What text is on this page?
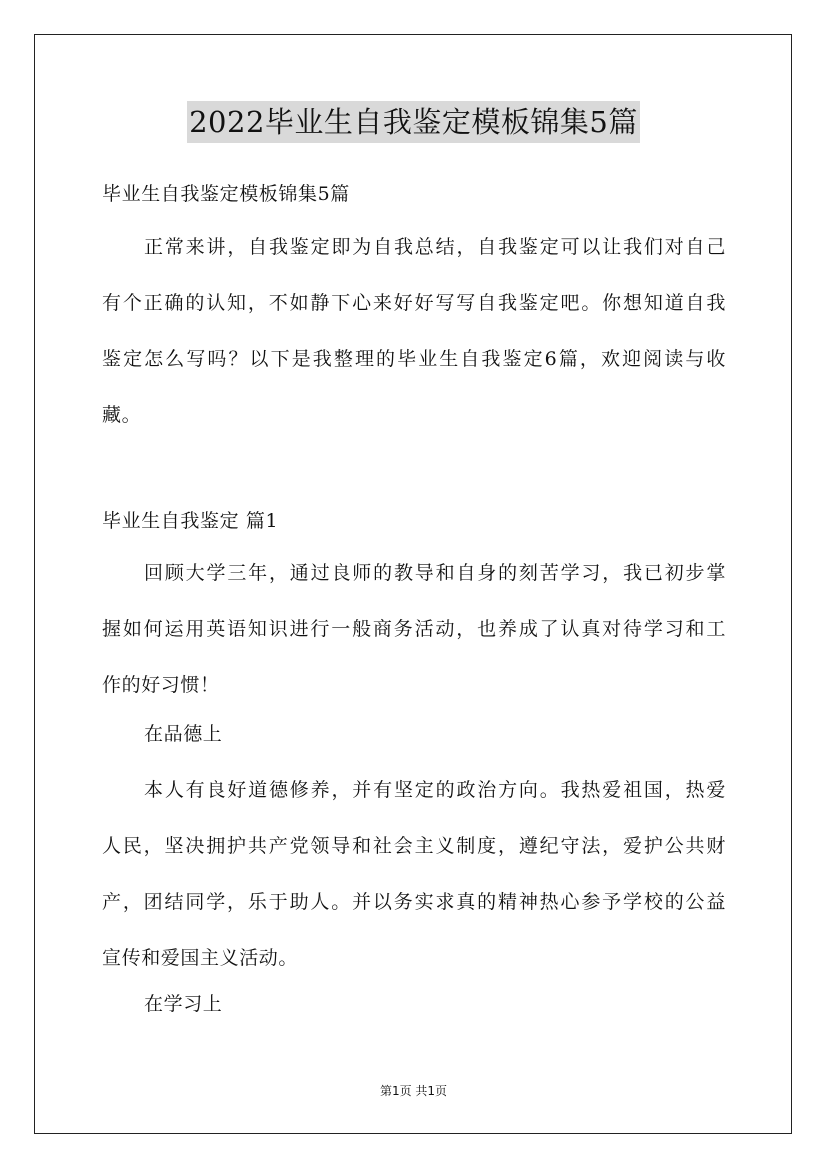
2022毕业生自我鉴定模板锦集5篇
毕业生自我鉴定模板锦集5篇
正常来讲，自我鉴定即为自我总结，自我鉴定可以让我们对自己
有个正确的认知，不如静下心来好好写写自我鉴定吧。你想知道自我
鉴定怎么写吗？以下是我整理的毕业生自我鉴定6篇，欢迎阅读与收
藏。
毕业生自我鉴定 篇1
回顾大学三年，通过良师的教导和自身的刻苦学习，我已初步掌
握如何运用英语知识进行一般商务活动，也养成了认真对待学习和工
作的好习惯！
在品德上
本人有良好道德修养，并有坚定的政治方向。我热爱祖国，热爱
人民，坚决拥护共产党领导和社会主义制度，遵纪守法，爱护公共财
产，团结同学，乐于助人。并以务实求真的精神热心参予学校的公益
宣传和爱国主义活动。
在学习上
第1页 共1页
